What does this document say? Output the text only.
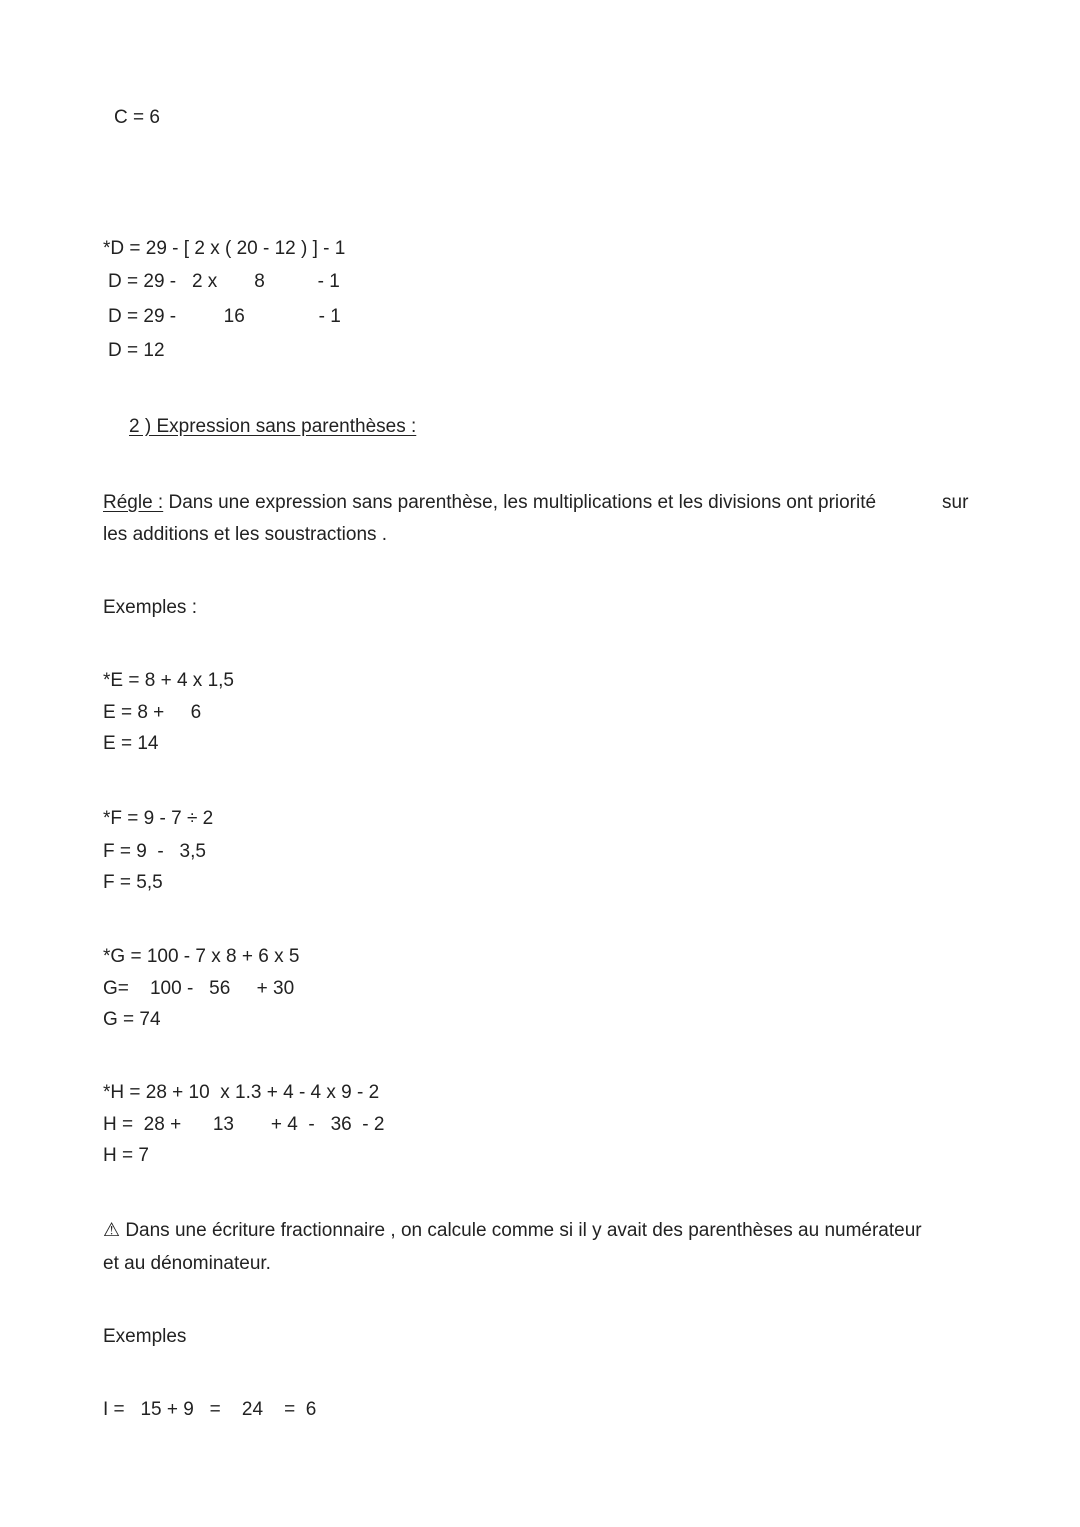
C = 6
*D = 29 - [ 2 x ( 20 - 12 ) ] - 1
D = 29 -   2 x       8          - 1
D = 29 -         16              - 1
D = 12
2 ) Expression sans parenthèses :
Régle : Dans une expression sans parenthèse, les multiplications et les divisions ont priorité	sur
les additions et les soustractions .
Exemples :
*E = 8 + 4 x 1,5
E = 8 +     6
E = 14
*F = 9 - 7 ÷ 2
F = 9  -   3,5
F = 5,5
*G = 100 - 7 x 8 + 6 x 5
G=    100 -   56     + 30
G = 74
*H = 28 + 10  x 1.3 + 4 - 4 x 9 - 2
H =  28 +      13       + 4  -   36  - 2
H = 7
⚠ Dans une écriture fractionnaire , on calcule comme si il y avait des parenthèses au numérateur
et au dénominateur.
Exemples
I =   15 + 9   =    24    =  6
